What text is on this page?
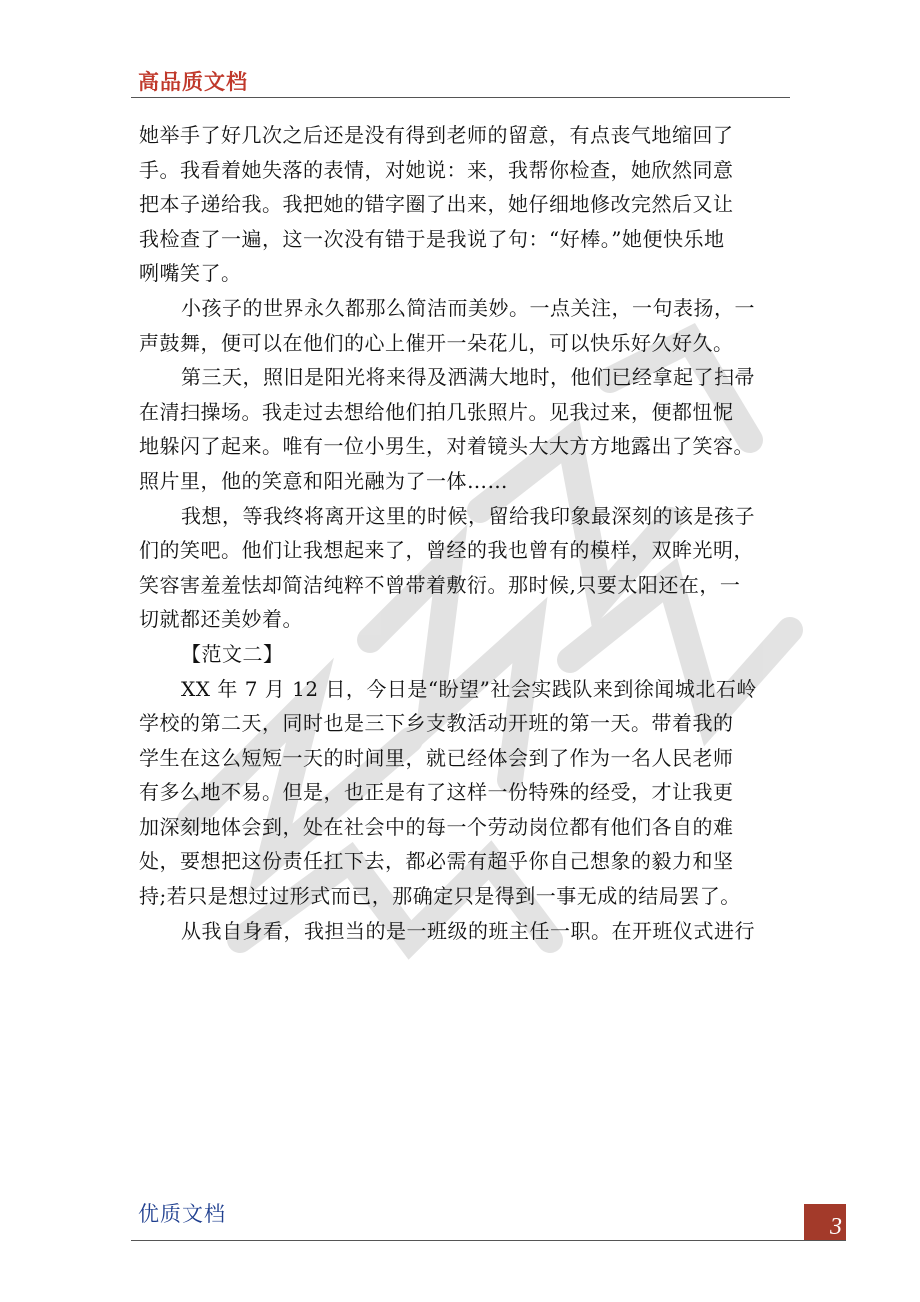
高品质文档
她举手了好几次之后还是没有得到老师的留意，有点丧气地缩回了
手。我看着她失落的表情，对她说：来，我帮你检查，她欣然同意
把本子递给我。我把她的错字圈了出来，她仔细地修改完然后又让
我检查了一遍，这一次没有错于是我说了句：“好棒。”她便快乐地
咧嘴笑了。
小孩子的世界永久都那么简洁而美妙。一点关注，一句表扬，一
声鼓舞，便可以在他们的心上催开一朵花儿，可以快乐好久好久。
第三天，照旧是阳光将来得及洒满大地时，他们已经拿起了扫帚
在清扫操场。我走过去想给他们拍几张照片。见我过来，便都忸怩
地躲闪了起来。唯有一位小男生，对着镜头大大方方地露出了笑容。
照片里，他的笑意和阳光融为了一体……
我想，等我终将离开这里的时候，留给我印象最深刻的该是孩子
们的笑吧。他们让我想起来了，曾经的我也曾有的模样，双眸光明，
笑容害羞羞怯却简洁纯粹不曾带着敷衍。那时候,只要太阳还在，一
切就都还美妙着。
【范文二】
XX 年 7 月 12 日，今日是“盼望”社会实践队来到徐闻城北石岭
学校的第二天，同时也是三下乡支教活动开班的第一天。带着我的
学生在这么短短一天的时间里，就已经体会到了作为一名人民老师
有多么地不易。但是，也正是有了这样一份特殊的经受，才让我更
加深刻地体会到，处在社会中的每一个劳动岗位都有他们各自的难
处，要想把这份责任扛下去，都必需有超乎你自己想象的毅力和坚
持;若只是想过过形式而已，那确定只是得到一事无成的结局罢了。
从我自身看，我担当的是一班级的班主任一职。在开班仪式进行
优质文档	3
